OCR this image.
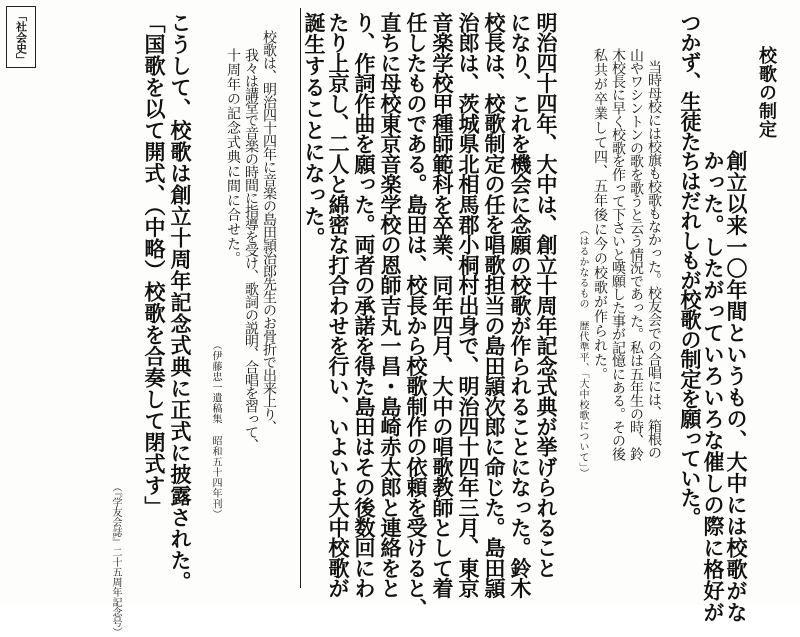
校歌の制定
創立以来一〇年間というもの、大中には校歌がな
かった。したがっていろいろな催しの際に格好が
つかず、生徒たちはだれしもが校歌の制定を願っていた。
当時母校には校旗も校歌もなかった。校友会での合唱には、箱根の
山やワシントンの歌を歌うと云う情況であった。私は五年生の時、鈴
木校長に早く校歌を作って下さいと嘆願した事が記憶にある。その後
私共が卒業して四、五年後に今の校歌が作られた。
（はるかなるもの 歴代準平、「大中校歌について」）
明治四十四年、大中は、創立十周年記念式典が挙げられること
になり、これを機会に念願の校歌が作られることになった。鈴木
校長は、校歌制定の任を唱歌担当の島田頴次郎に命じた。島田頴
治郎は、茨城県北相馬郡小桐村出身で、明治四十四年三月、東京
音楽学校甲種師範科を卒業、同年四月、大中の唱歌教師として着
任したものである。島田は、校長から校歌制作の依頼を受けると、
直ちに母校東京音楽学校の恩師吉丸一昌・島崎赤太郎と連絡をと
り、作詞作曲を願った。両者の承諾を得た島田はその後数回にわ
たり上京し、二人と綿密な打合わせを行い、いよいよ大中校歌が
誕生することになった。
校歌は、明治四十四年に音楽の島田頴治郎先生のお骨折で出来上り、
我々は講堂で音楽の時間に指導を受け、歌詞の説明、合唱を習って、
十周年の記念式典に間に合せた。
（伊藤忠一遺稿集 昭和五十四年刊）
こうして、校歌は創立十周年記念式典に正式に披露された。
「国歌を以て開式、（中略）校歌を合奏して閉式す」
（『学友会誌』二十五周年記念号）
「社会史」
